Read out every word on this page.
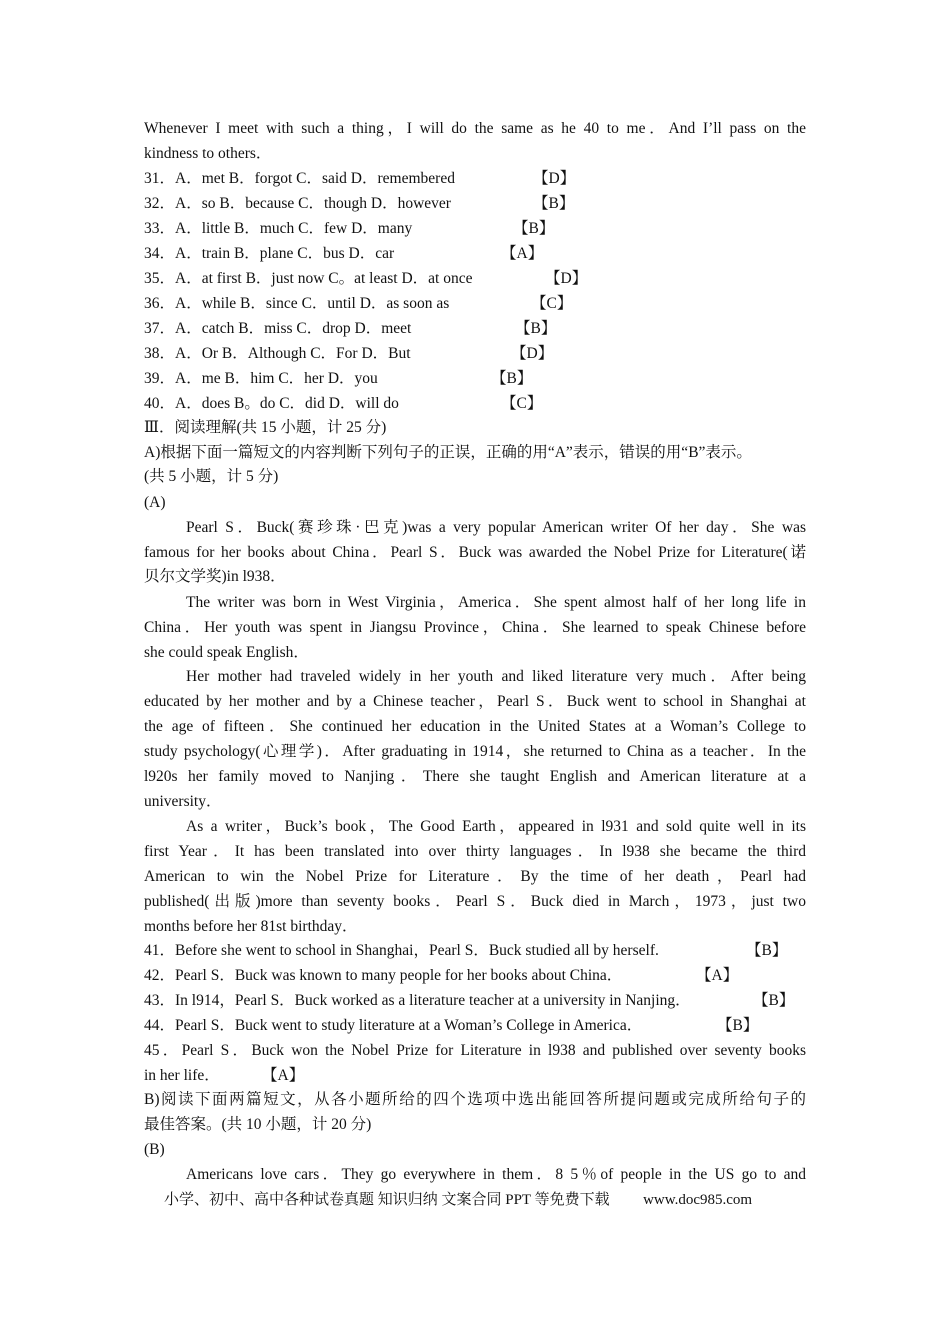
Whenever I meet with such a thing，I will do the same as he 40 to me．And I’ll pass on the
kindness to others．
31．A．met B．forgot C．said D．remembered	【D】
32．A．so B．because C．though D．however	【B】
33．A．little B．much C．few D．many	【B】
34．A．train B．plane C．bus D．car	【A】
35．A．at first B．just now C。at least D．at once	【D】
36．A．while B．since C．until D．as soon as	【C】
37．A．catch B．miss C．drop D．meet	【B】
38．A．Or B．Although C．For D．But	【D】
39．A．me B．him C．her D．you	【B】
40．A．does B。do C．did D．will do	【C】
Ⅲ．阅读理解(共 15 小题，计 25 分)
A)根据下面一篇短文的内容判断下列句子的正误，正确的用“A”表示，错误的用“B”表示。
(共 5 小题，计 5 分)
(A)
Pearl S．Buck(赛珍珠·巴克)was a very popular American writer Of her day．She was
famous for her books about China．Pearl S．Buck was awarded the Nobel Prize for Literature(诺
贝尔文学奖)in l938．
The writer was born in West Virginia，America．She spent almost half of her long life in
China．Her youth was spent in Jiangsu Province，China．She learned to speak Chinese before
she could speak English．
Her mother had traveled widely in her youth and liked literature very much．After being
educated by her mother and by a Chinese teacher，Pearl S．Buck went to school in Shanghai at
the age of fifteen．She continued her education in the United States at a Woman’s College to
study psychology(心理学)．After graduating in 1914，she returned to China as a teacher．In the
l920s her family moved to Nanjing．There she taught English and American literature at a
university．
As a writer，Buck’s book，The Good Earth，appeared in l931 and sold quite well in its
first Year．It has been translated into over thirty languages．In l938 she became the third
American to win the Nobel Prize for Literature．By the time of her death，Pearl had
published(出版)more than seventy books．Pearl S．Buck died in March，1973，just two
months before her 81st birthday．
41．Before she went to school in Shanghai，Pearl S．Buck studied all by herself.	【B】
42．Pearl S．Buck was known to many people for her books about China．	【A】
43．In l914，Pearl S．Buck worked as a literature teacher at a university in Nanjing．	【B】
44．Pearl S．Buck went to study literature at a Woman’s College in America．	【B】
45．Pearl S．Buck won the Nobel Prize for Literature in l938 and published over seventy books
in her life．	【A】
B)阅读下面两篇短文，从各小题所给的四个选项中选出能回答所提问题或完成所给句子的
最佳答案。(共 10 小题，计 20 分)
(B)
Americans love cars．They go everywhere in them．8 5％of people in the US go to and
小学、初中、高中各种试卷真题 知识归纳 文案合同 PPT 等免费下载 www.doc985.com
